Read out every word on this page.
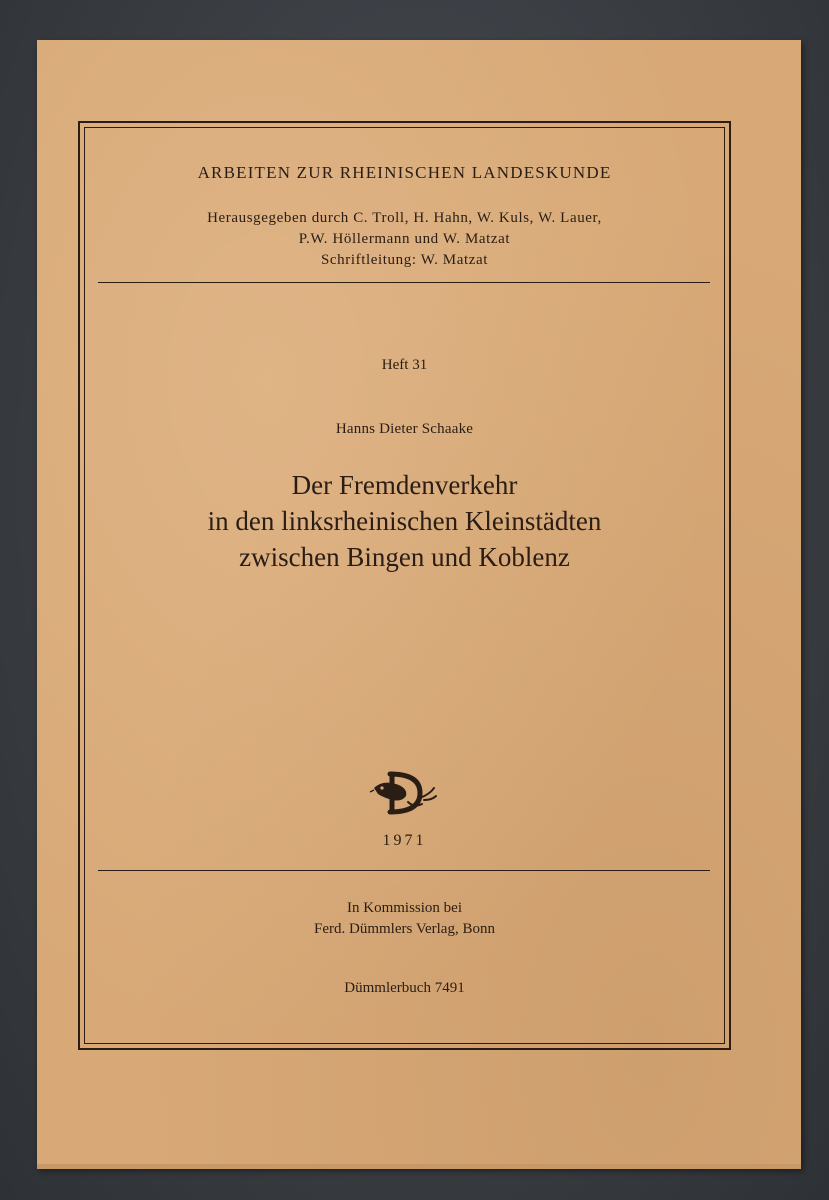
ARBEITEN ZUR RHEINISCHEN LANDESKUNDE

Herausgegeben durch C. Troll, H. Hahn, W. Kuls, W. Lauer,
P.W. Höllermann und W. Matzat
Schriftleitung: W. Matzat

Heft 31

Hanns Dieter Schaake

Der Fremdenverkehr
in den linksrheinischen Kleinstädten
zwischen Bingen und Koblenz

1971

In Kommission bei
Ferd. Dümmlers Verlag, Bonn

Dümmlerbuch 7491
